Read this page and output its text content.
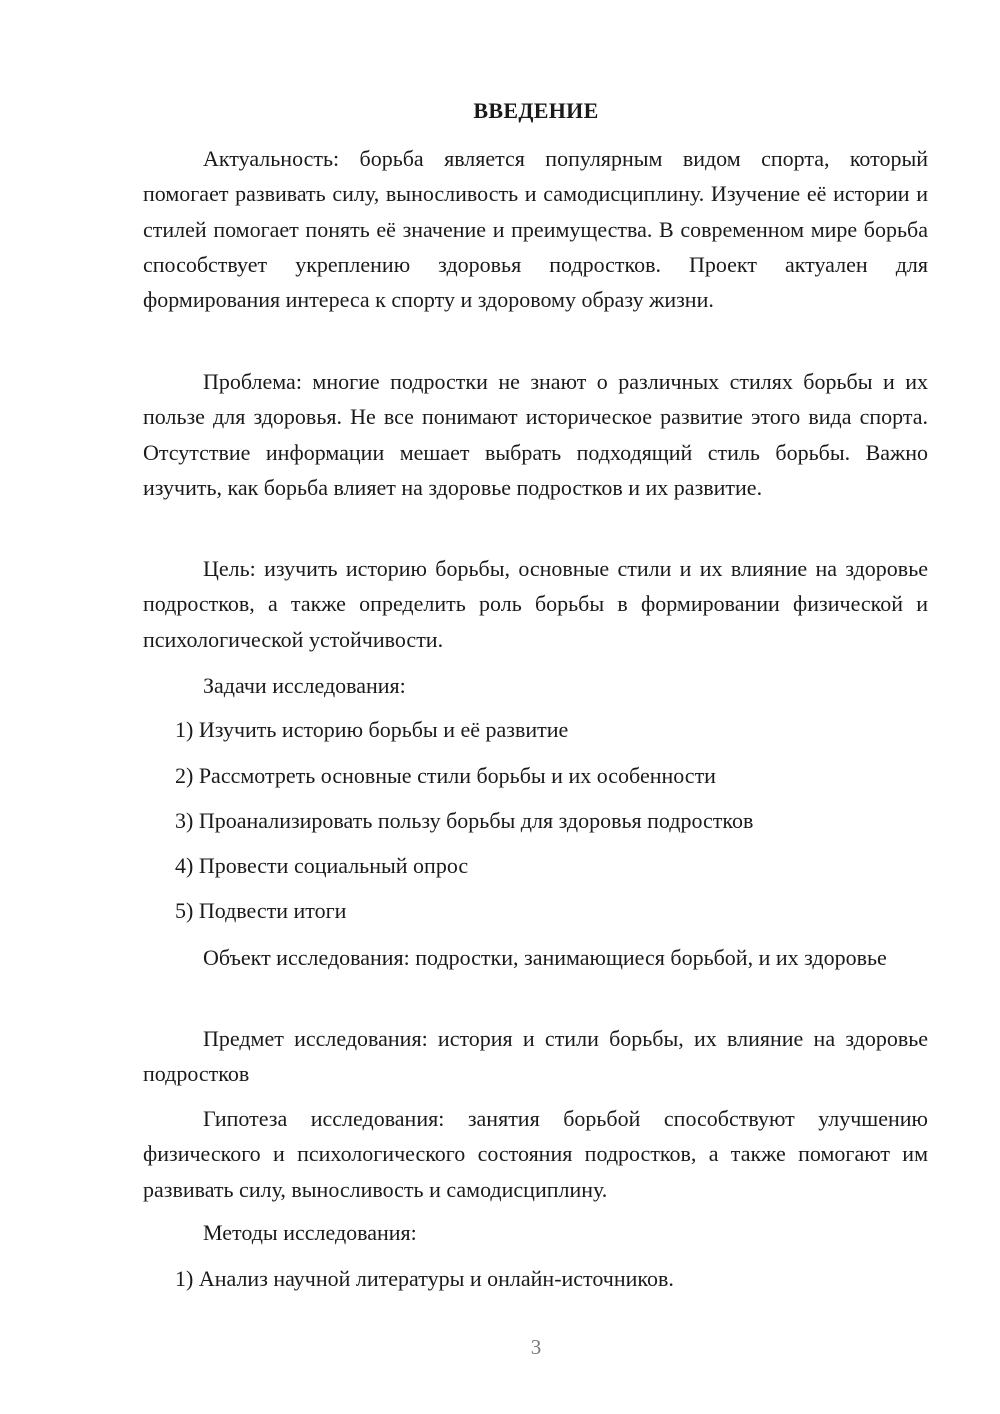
ВВЕДЕНИЕ

Актуальность: борьба является популярным видом спорта, который помогает развивать силу, выносливость и самодисциплину. Изучение её истории и стилей помогает понять её значение и преимущества. В современном мире борьба способствует укреплению здоровья подростков. Проект актуален для формирования интереса к спорту и здоровому образу жизни.

Проблема: многие подростки не знают о различных стилях борьбы и их пользе для здоровья. Не все понимают историческое развитие этого вида спорта. Отсутствие информации мешает выбрать подходящий стиль борьбы. Важно изучить, как борьба влияет на здоровье подростков и их развитие.

Цель: изучить историю борьбы, основные стили и их влияние на здоровье подростков, а также определить роль борьбы в формировании физической и психологической устойчивости.

Задачи исследования:

1) Изучить историю борьбы и её развитие

2) Рассмотреть основные стили борьбы и их особенности

3) Проанализировать пользу борьбы для здоровья подростков

4) Провести социальный опрос

5) Подвести итоги

Объект исследования: подростки, занимающиеся борьбой, и их здоровье

Предмет исследования: история и стили борьбы, их влияние на здоровье подростков

Гипотеза исследования: занятия борьбой способствуют улучшению физического и психологического состояния подростков, а также помогают им развивать силу, выносливость и самодисциплину.

Методы исследования:

1) Анализ научной литературы и онлайн-источников.

3
